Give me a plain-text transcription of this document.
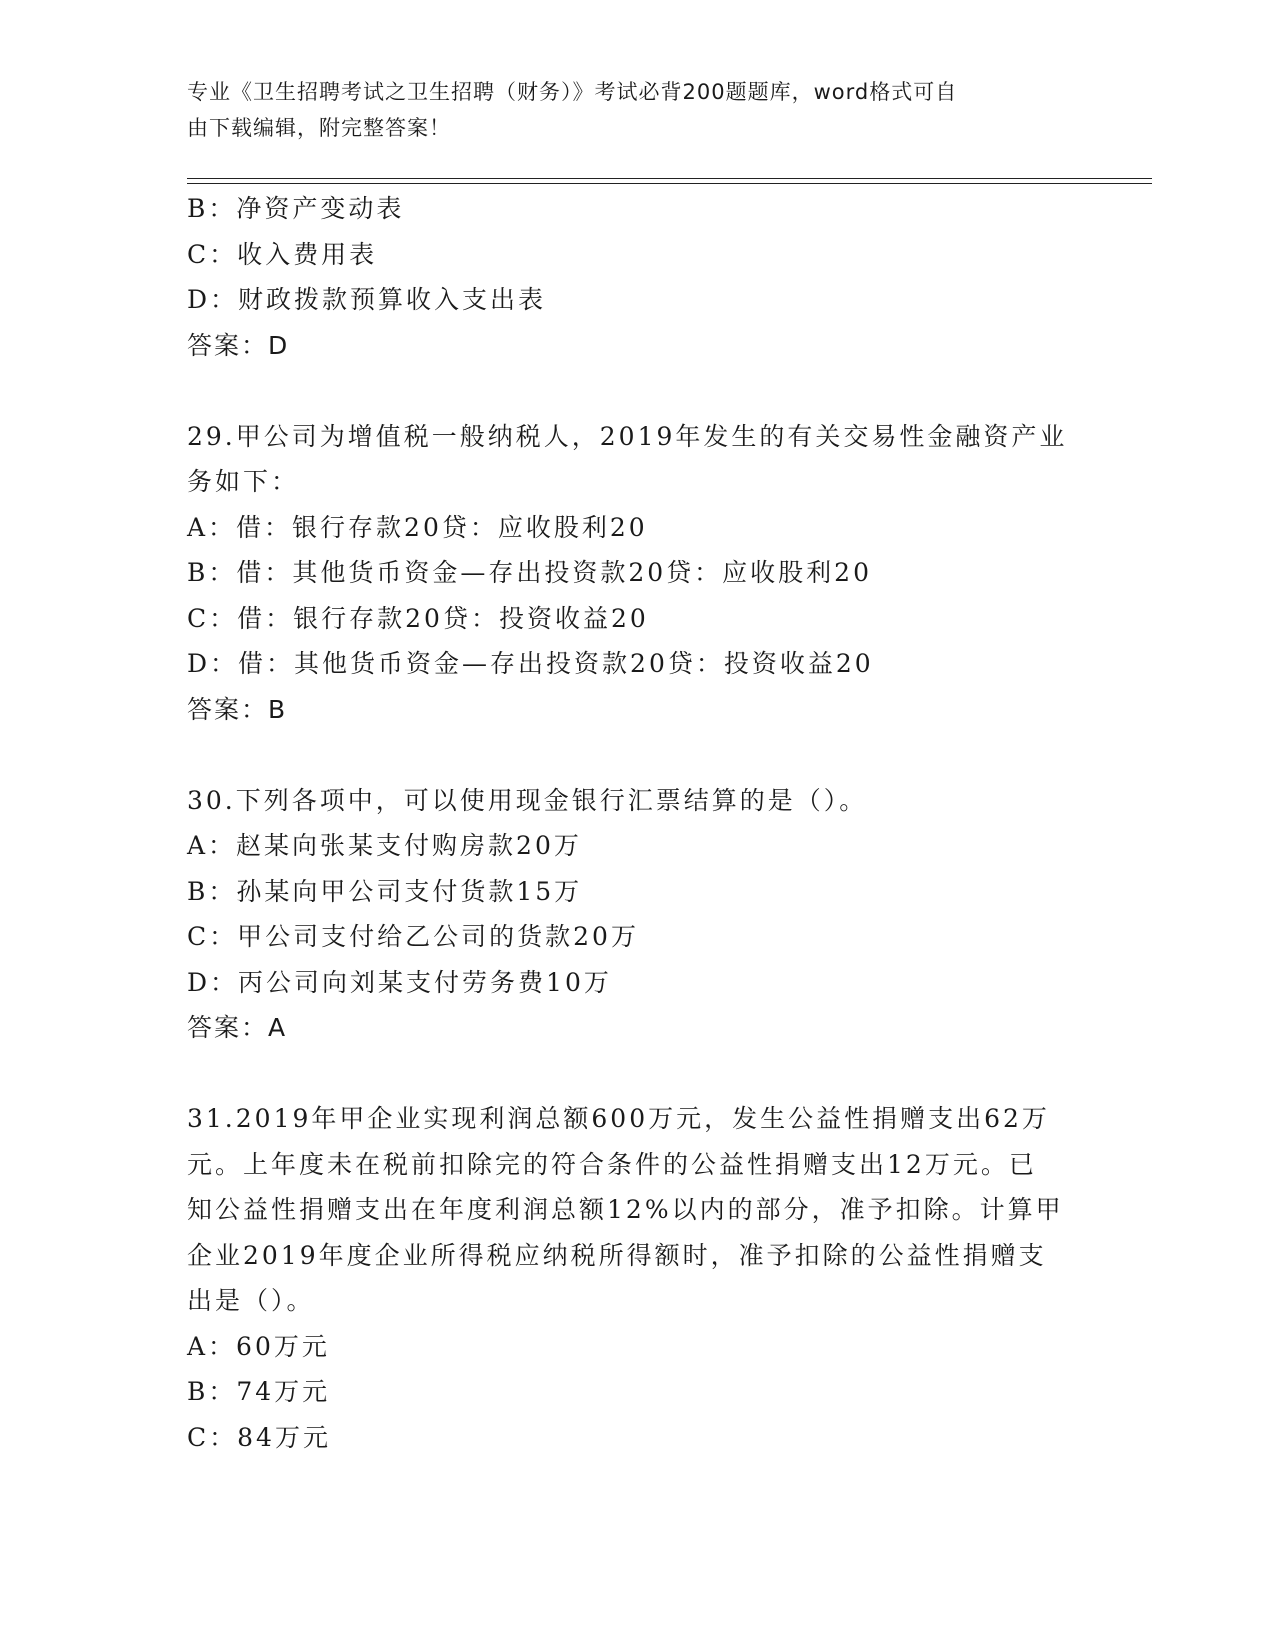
专业《卫生招聘考试之卫生招聘（财务）》考试必背200题题库，word格式可自
由下载编辑，附完整答案！
B：净资产变动表
C：收入费用表
D：财政拨款预算收入支出表
答案：D
29.甲公司为增值税一般纳税人，2019年发生的有关交易性金融资产业
务如下：
A：借：银行存款20贷：应收股利20
B：借：其他货币资金—存出投资款20贷：应收股利20
C：借：银行存款20贷：投资收益20
D：借：其他货币资金—存出投资款20贷：投资收益20
答案：B
30.下列各项中，可以使用现金银行汇票结算的是（）。
A：赵某向张某支付购房款20万
B：孙某向甲公司支付货款15万
C：甲公司支付给乙公司的货款20万
D：丙公司向刘某支付劳务费10万
答案：A
31.2019年甲企业实现利润总额600万元，发生公益性捐赠支出62万
元。上年度未在税前扣除完的符合条件的公益性捐赠支出12万元。已
知公益性捐赠支出在年度利润总额12%以内的部分，准予扣除。计算甲
企业2019年度企业所得税应纳税所得额时，准予扣除的公益性捐赠支
出是（）。
A：60万元
B：74万元
C：84万元
